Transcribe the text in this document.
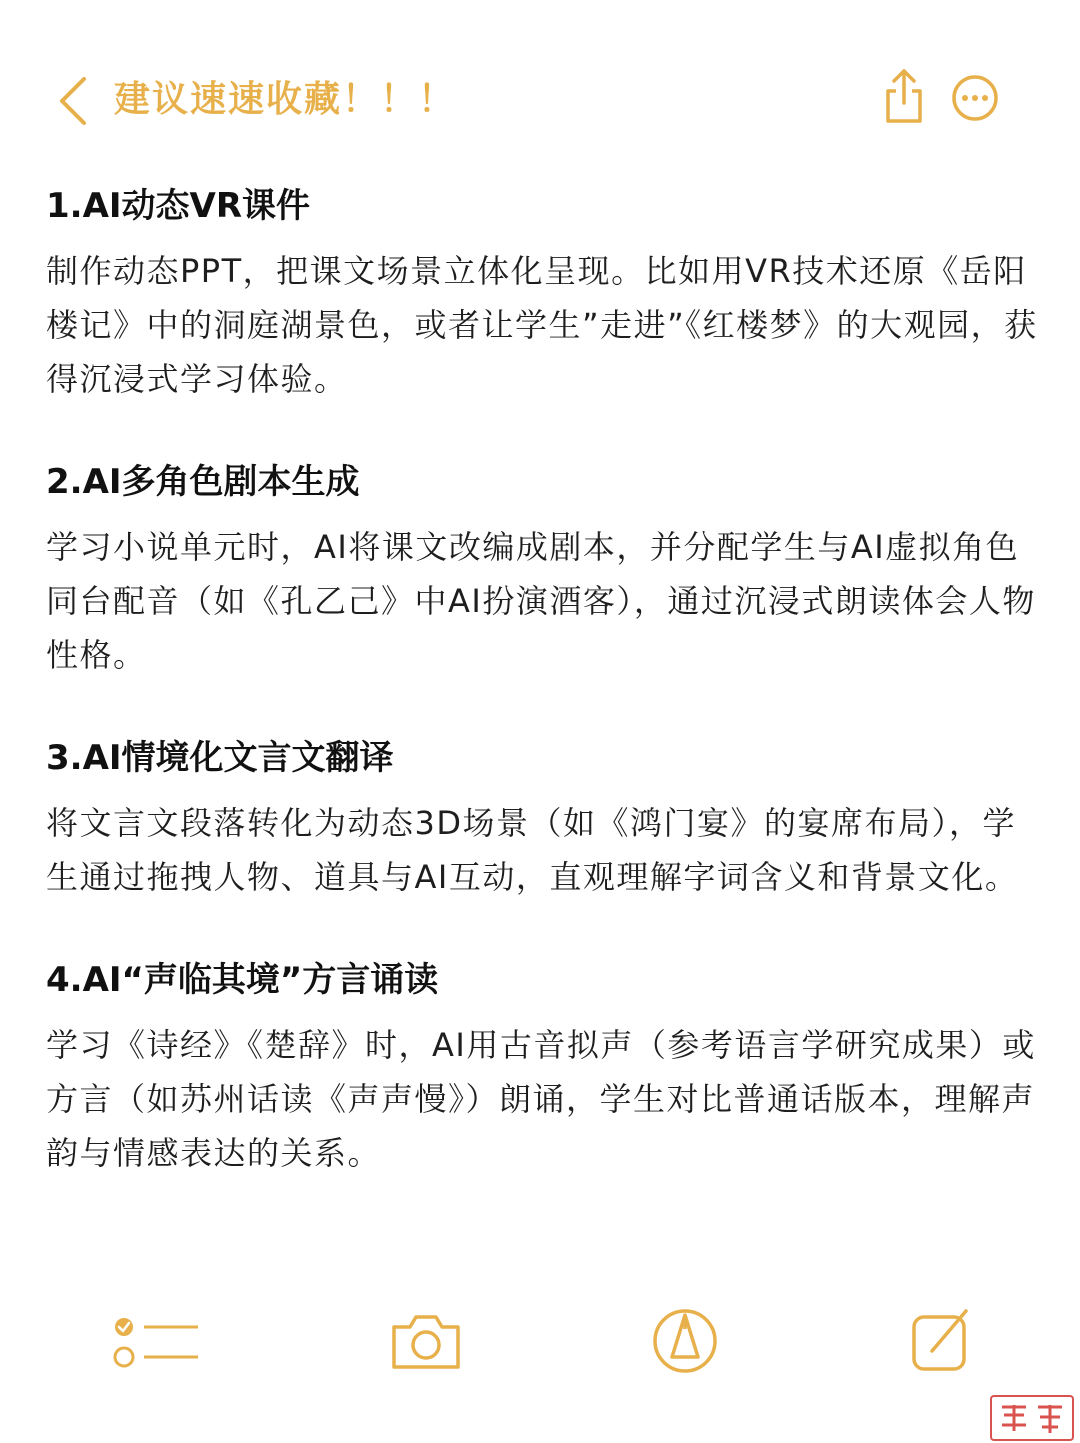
建议速速收藏！！！
1.AI动态VR课件

制作动态PPT，把课文场景立体化呈现。比如用VR技术还原《岳阳楼记》中的洞庭湖景色，或者让学生”走进”《红楼梦》的大观园，获得沉浸式学习体验。

2.AI多角色剧本生成

学习小说单元时，AI将课文改编成剧本，并分配学生与AI虚拟角色同台配音（如《孔乙己》中AI扮演酒客），通过沉浸式朗读体会人物性格。

3.AI情境化文言文翻译

将文言文段落转化为动态3D场景（如《鸿门宴》的宴席布局），学生通过拖拽人物、道具与AI互动，直观理解字词含义和背景文化。

4.AI“声临其境”方言诵读

学习《诗经》《楚辞》时，AI用古音拟声（参考语言学研究成果）或方言（如苏州话读《声声慢》）朗诵，学生对比普通话版本，理解声韵与情感表达的关系。
